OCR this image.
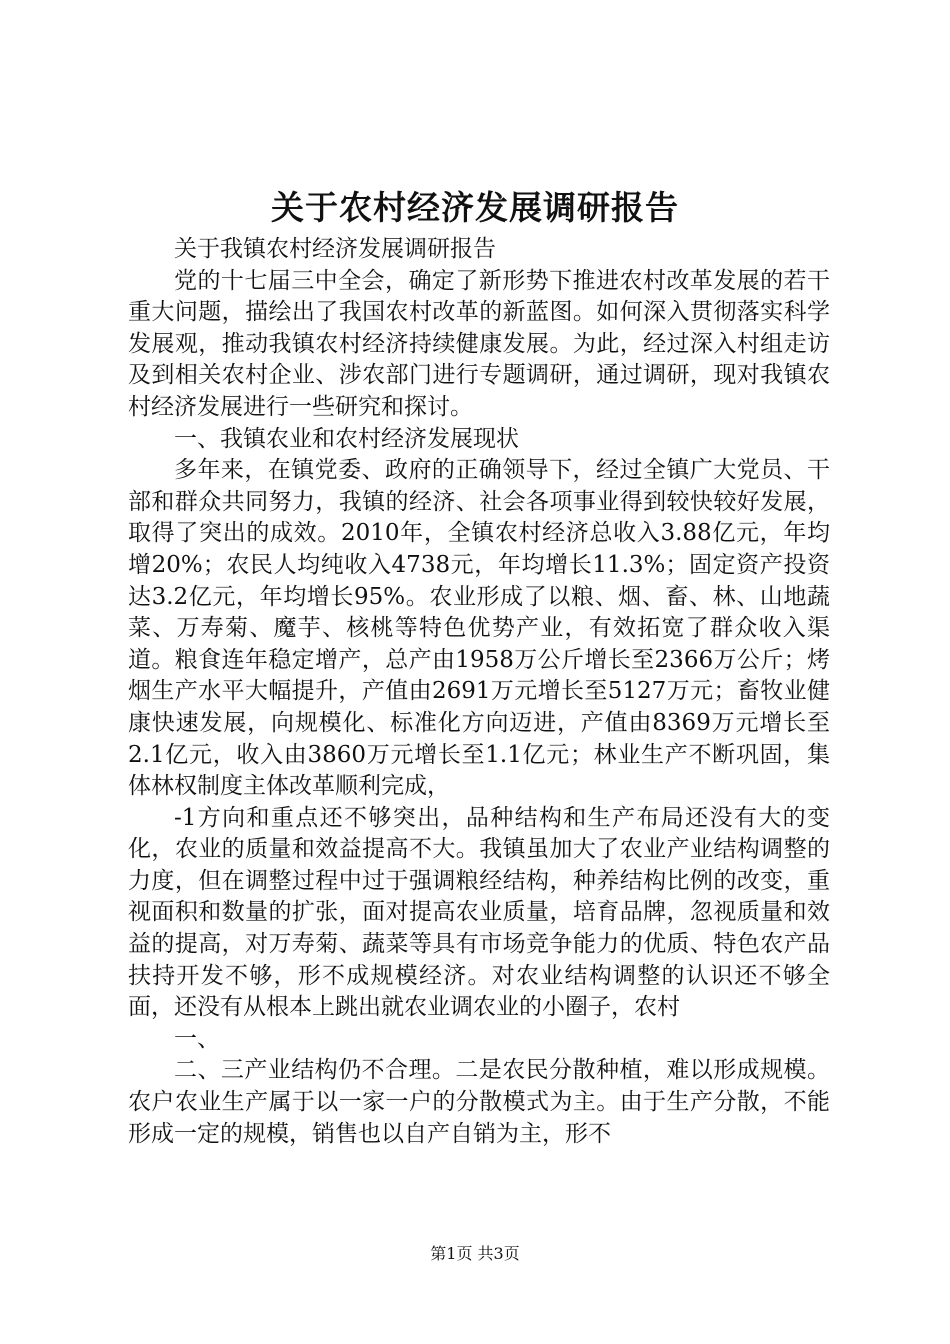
关于农村经济发展调研报告

关于我镇农村经济发展调研报告

党的十七届三中全会，确定了新形势下推进农村改革发展的若干重大问题，描绘出了我国农村改革的新蓝图。如何深入贯彻落实科学发展观，推动我镇农村经济持续健康发展。为此，经过深入村组走访及到相关农村企业、涉农部门进行专题调研，通过调研，现对我镇农村经济发展进行一些研究和探讨。

一、我镇农业和农村经济发展现状

多年来，在镇党委、政府的正确领导下，经过全镇广大党员、干部和群众共同努力，我镇的经济、社会各项事业得到较快较好发展，取得了突出的成效。2010年，全镇农村经济总收入3.88亿元，年均增20%；农民人均纯收入4738元，年均增长11.3%；固定资产投资达3.2亿元，年均增长95%。农业形成了以粮、烟、畜、林、山地蔬菜、万寿菊、魔芋、核桃等特色优势产业，有效拓宽了群众收入渠道。粮食连年稳定增产，总产由1958万公斤增长至2366万公斤；烤烟生产水平大幅提升，产值由2691万元增长至5127万元；畜牧业健康快速发展，向规模化、标准化方向迈进，产值由8369万元增长至2.1亿元，收入由3860万元增长至1.1亿元；林业生产不断巩固，集体林权制度主体改革顺利完成，

-1方向和重点还不够突出，品种结构和生产布局还没有大的变化，农业的质量和效益提高不大。我镇虽加大了农业产业结构调整的力度，但在调整过程中过于强调粮经结构，种养结构比例的改变，重视面积和数量的扩张，面对提高农业质量，培育品牌，忽视质量和效益的提高，对万寿菊、蔬菜等具有市场竞争能力的优质、特色农产品扶持开发不够，形不成规模经济。对农业结构调整的认识还不够全面，还没有从根本上跳出就农业调农业的小圈子，农村

一、

二、三产业结构仍不合理。二是农民分散种植，难以形成规模。农户农业生产属于以一家一户的分散模式为主。由于生产分散，不能形成一定的规模，销售也以自产自销为主，形不

第1页 共3页
